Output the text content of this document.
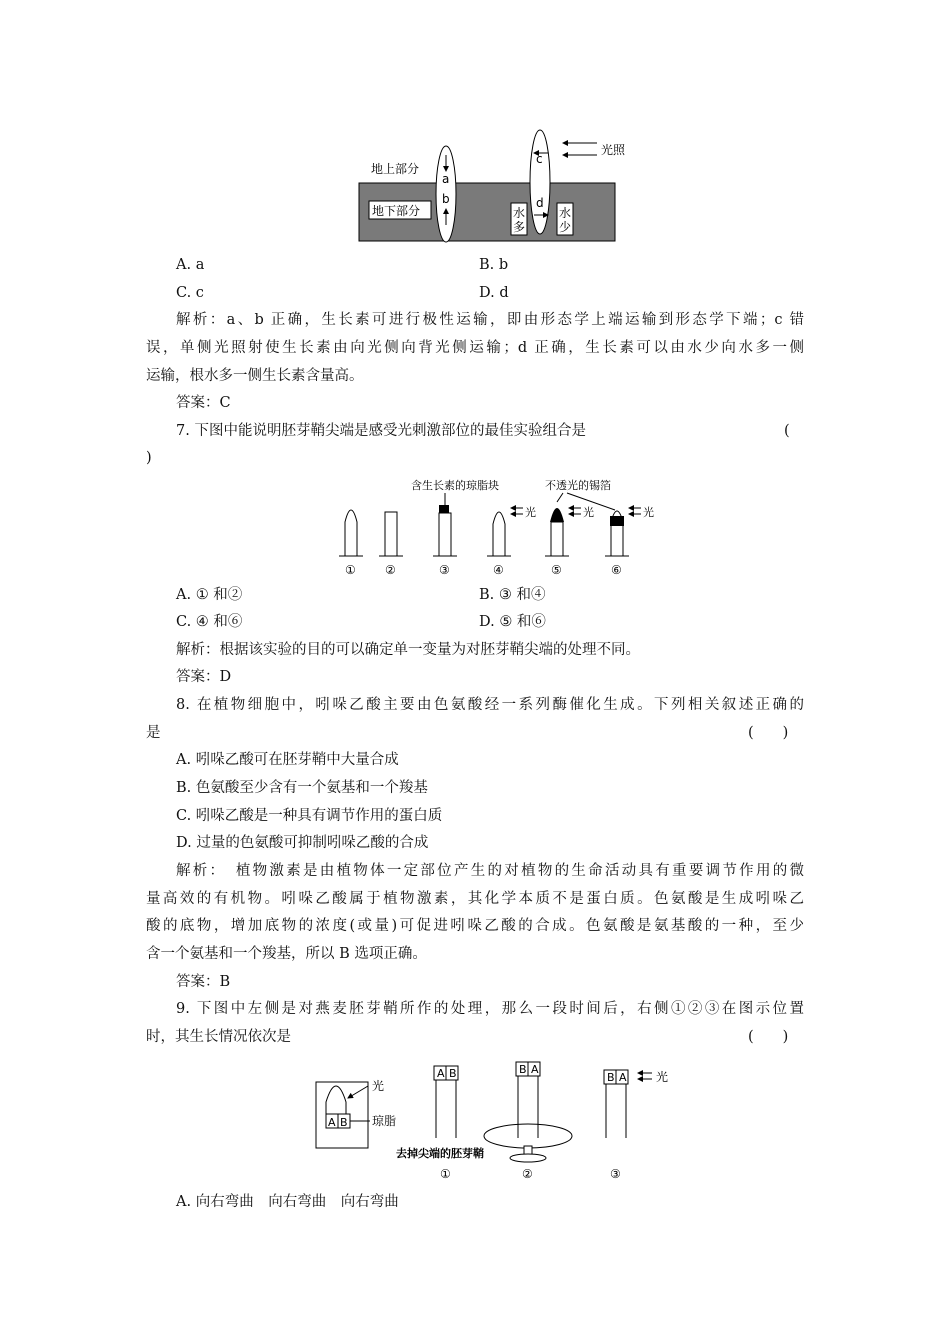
地上部分
地下部分
a
b
c
d
光照
水
多
水
少
A. a	B. b
C. c	D. d
解析：a、b 正确，生长素可进行极性运输，即由形态学上端运输到形态学下端；c 错
误，单侧光照射使生长素由向光侧向背光侧运输；d 正确，生长素可以由水少向水多一侧
运输，根水多一侧生长素含量高。
答案：C
7. 下图中能说明胚芽鞘尖端是感受光刺激部位的最佳实验组合是	(
)
含生长素的琼脂块	不透光的锡箔
光	光	光
① ②	③	④	⑤	⑥
A. ① 和②	B. ③ 和④
C. ④ 和⑥	D. ⑤ 和⑥
解析：根据该实验的目的可以确定单一变量为对胚芽鞘尖端的处理不同。
答案：D
8. 在植物细胞中，吲哚乙酸主要由色氨酸经一系列酶催化生成。下列相关叙述正确的
是	(　　)
A. 吲哚乙酸可在胚芽鞘中大量合成
B. 色氨酸至少含有一个氨基和一个羧基
C. 吲哚乙酸是一种具有调节作用的蛋白质
D. 过量的色氨酸可抑制吲哚乙酸的合成
解析：　植物激素是由植物体一定部位产生的对植物的生命活动具有重要调节作用的微
量高效的有机物。吲哚乙酸属于植物激素，其化学本质不是蛋白质。色氨酸是生成吲哚乙
酸的底物，增加底物的浓度(或量)可促进吲哚乙酸的合成。色氨酸是氨基酸的一种，至少
含一个氨基和一个羧基，所以 B 选项正确。
答案：B
9. 下图中左侧是对燕麦胚芽鞘所作的处理，那么一段时间后，右侧①②③在图示位置
时，其生长情况依次是	(　　)
A B
光
琼脂
A B	B A
B A 光
去掉尖端的胚芽鞘
①	②	③
A. 向右弯曲　向右弯曲　向右弯曲
